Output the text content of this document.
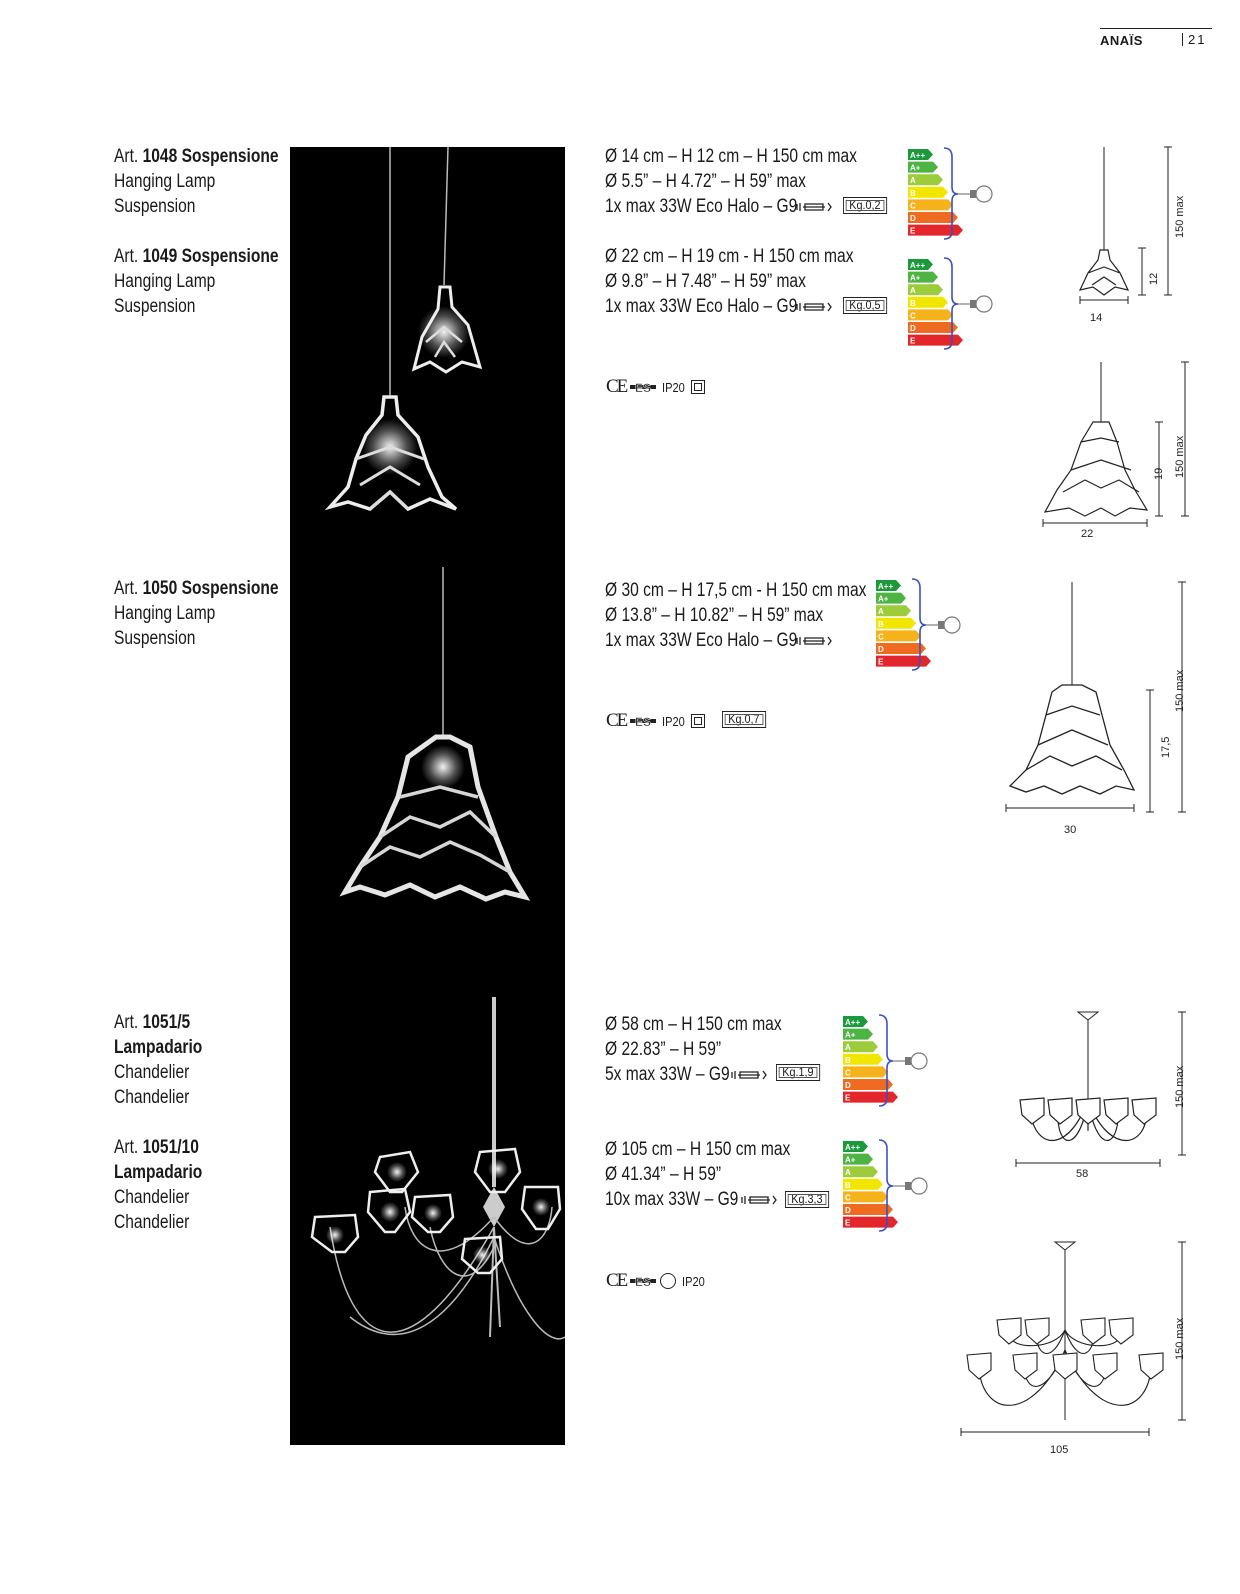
ANAÏS	21
Art. 1048 Sospensione
Hanging Lamp
Suspension
Art. 1049 Sospensione
Hanging Lamp
Suspension
Art. 1050 Sospensione
Hanging Lamp
Suspension
Art. 1051/5
Lampadario
Chandelier
Chandelier
Art. 1051/10
Lampadario
Chandelier
Chandelier
Ø 14 cm – H 12 cm – H 150 cm max
Ø 5.5” – H 4.72” – H 59” max
1x max 33W Eco Halo – G9	Kg.0,2
Ø 22 cm – H 19 cm - H 150 cm max
Ø 9.8” – H 7.48” – H 59” max
1x max 33W Eco Halo – G9	Kg.0,5
CE ES IP20
Ø 30 cm – H 17,5 cm - H 150 cm max
Ø 13.8” – H 10.82” – H 59” max
1x max 33W Eco Halo – G9
CE ES IP20	Kg.0,7
Ø 58 cm – H 150 cm max
Ø 22.83” – H 59”
5x max 33W – G9	Kg.1,9
Ø 105 cm – H 150 cm max
Ø 41.34” – H 59”
10x max 33W – G9	Kg.3,3
CE ES IP20
A++
A+
A
B
C
D
E
A++
A+
A
B
C
D
E
A++
A+
A
B
C
D
E
A++
A+
A
B
C
D
E
A++
A+
A
B
C
D
E
14
12
150 max
22
19 150 max
30
17,5
150 max
58
150 max
105
150 max
